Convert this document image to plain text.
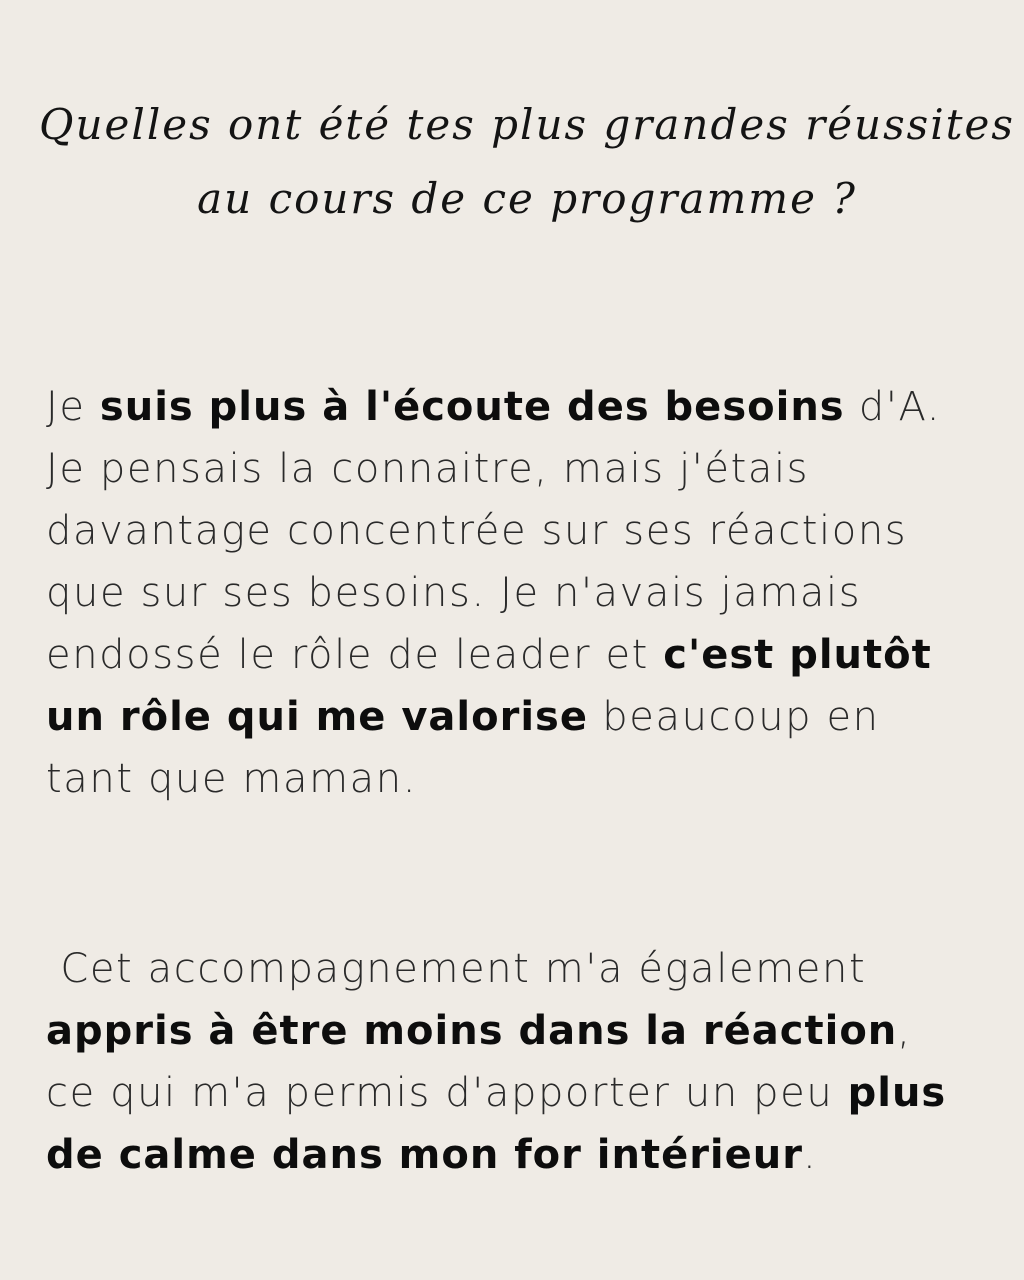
Quelles ont été tes plus grandes réussites
au cours de ce programme ?

Je suis plus à l'écoute des besoins d'A.
Je pensais la connaitre, mais j'étais
davantage concentrée sur ses réactions
que sur ses besoins. Je n'avais jamais
endossé le rôle de leader et c'est plutôt
un rôle qui me valorise beaucoup en
tant que maman.

Cet accompagnement m'a également
appris à être moins dans la réaction,
ce qui m'a permis d'apporter un peu plus
de calme dans mon for intérieur.
